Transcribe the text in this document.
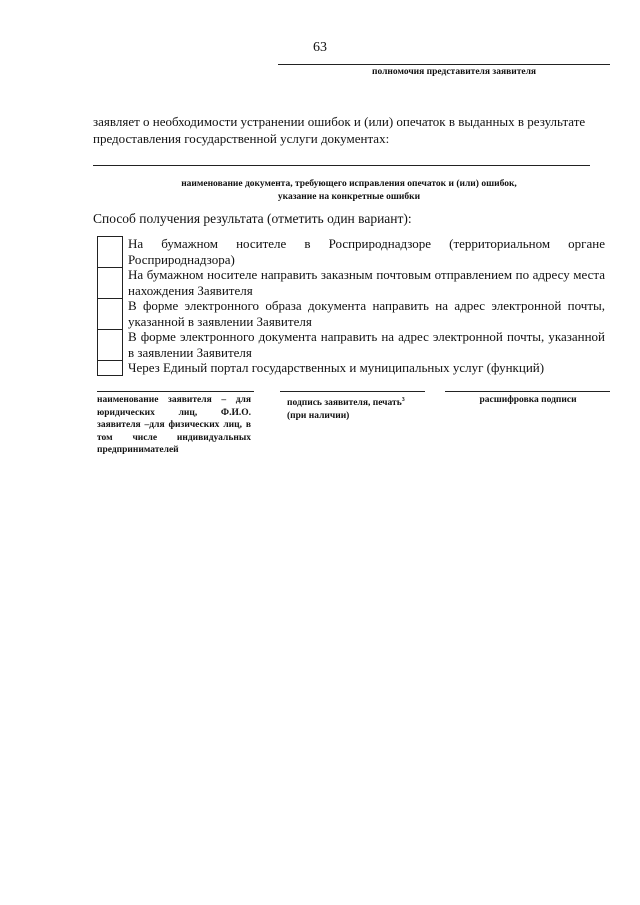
63
полномочия представителя заявителя
заявляет о необходимости устранении ошибок и (или) опечаток в выданных в результате предоставления государственной услуги документах:
наименование документа, требующего исправления опечаток и (или) ошибок,
указание на конкретные ошибки
Способ получения результата (отметить один вариант):
На бумажном носителе в Росприроднадзоре (территориальном органе Росприроднадзора)
На бумажном носителе направить заказным почтовым отправлением по адресу места нахождения Заявителя
В форме электронного образа документа направить на адрес электронной почты, указанной в заявлении Заявителя
В форме электронного документа направить на адрес электронной почты, указанной в заявлении Заявителя
Через Единый портал государственных и муниципальных услуг (функций)
наименование заявителя – для юридических лиц, Ф.И.О. заявителя –для физических лиц, в том числе индивидуальных предпринимателей
подпись заявителя, печать$^3$
(при наличии)
расшифровка подписи
